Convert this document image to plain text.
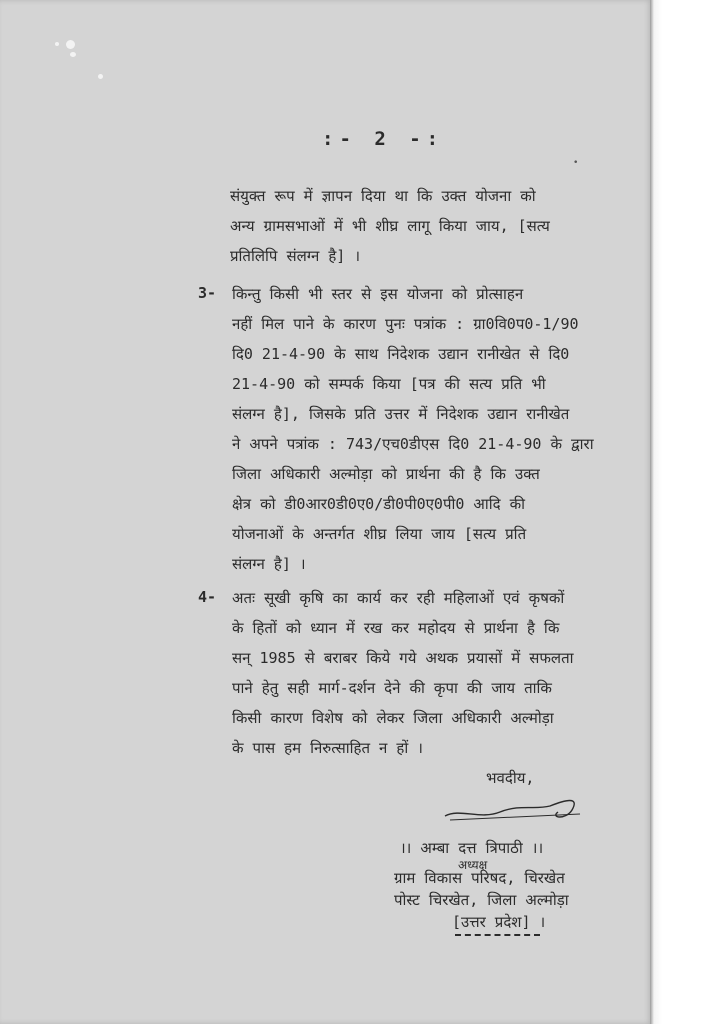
:- 2 -:
•
संयुक्त रूप में ज्ञापन दिया था कि उक्त योजना को
अन्य ग्रामसभाओं में भी शीघ्र लागू किया जाय, [सत्य
प्रतिलिपि संलग्न है] ।
3- किन्तु किसी भी स्तर से इस योजना को प्रोत्साहन
नहीं मिल पाने के कारण पुनः पत्रांक : ग्रा0वि0प0-1/90
दि0 21-4-90 के साथ निदेशक उद्यान रानीखेत से दि0
21-4-90 को सम्पर्क किया [पत्र की सत्य प्रति भी
संलग्न है], जिसके प्रति उत्तर में निदेशक उद्यान रानीखेत
ने अपने पत्रांक : 743/एच0डीएस दि0 21-4-90 के द्वारा
जिला अधिकारी अल्मोड़ा को प्रार्थना की है कि उक्त
क्षेत्र को डी0आर0डी0ए0/डी0पी0ए0पी0 आदि की
योजनाओं के अन्तर्गत शीघ्र लिया जाय [सत्य प्रति
संलग्न है] ।
4- अतः सूखी कृषि का कार्य कर रही महिलाओं एवं कृषकों
के हितों को ध्यान में रख कर महोदय से प्रार्थना है कि
सन् 1985 से बराबर किये गये अथक प्रयासों में सफलता
पाने हेतु सही मार्ग-दर्शन देने की कृपा की जाय ताकि
किसी कारण विशेष को लेकर जिला अधिकारी अल्मोड़ा
के पास हम निरुत्साहित न हों ।
भवदीय,
।। अम्बा दत्त त्रिपाठी ।।
अध्यक्ष
ग्राम विकास परिषद, चिरखेत
पोस्ट चिरखेत, जिला अल्मोड़ा
[उत्तर प्रदेश] ।
